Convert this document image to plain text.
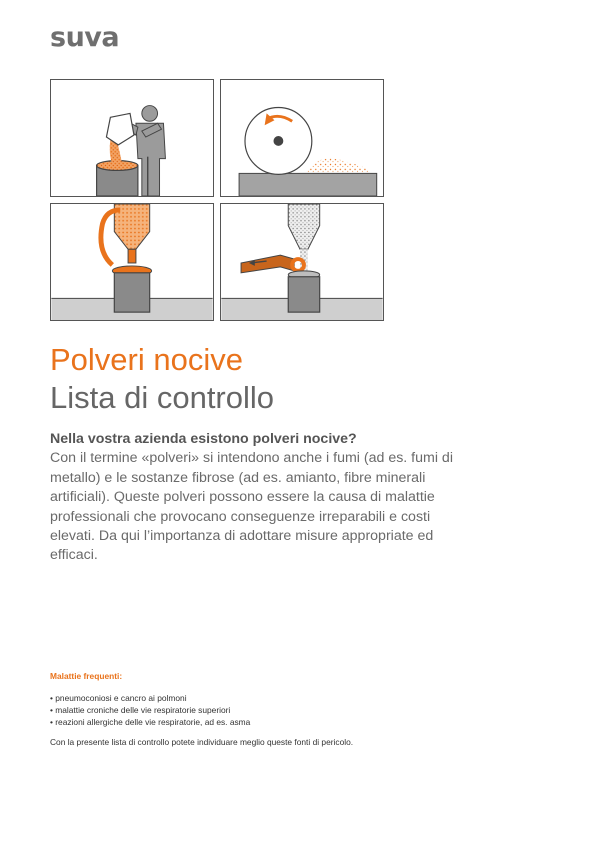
suva
Polveri nocive
Lista di controllo
Nella vostra azienda esistono polveri nocive?
Con il termine «polveri» si intendono anche i fumi (ad es. fumi di metallo) e le sostanze fibrose (ad es. amianto, fibre minerali artificiali). Queste polveri possono essere la causa di malattie professionali che provocano conseguenze irreparabili e costi elevati. Da qui l’importanza di adottare misure appropriate ed efficaci.
Malattie frequenti:
• pneumoconiosi e cancro ai polmoni
• malattie croniche delle vie respiratorie superiori
• reazioni allergiche delle vie respiratorie, ad es. asma
Con la presente lista di controllo potete individuare meglio queste fonti di pericolo.
